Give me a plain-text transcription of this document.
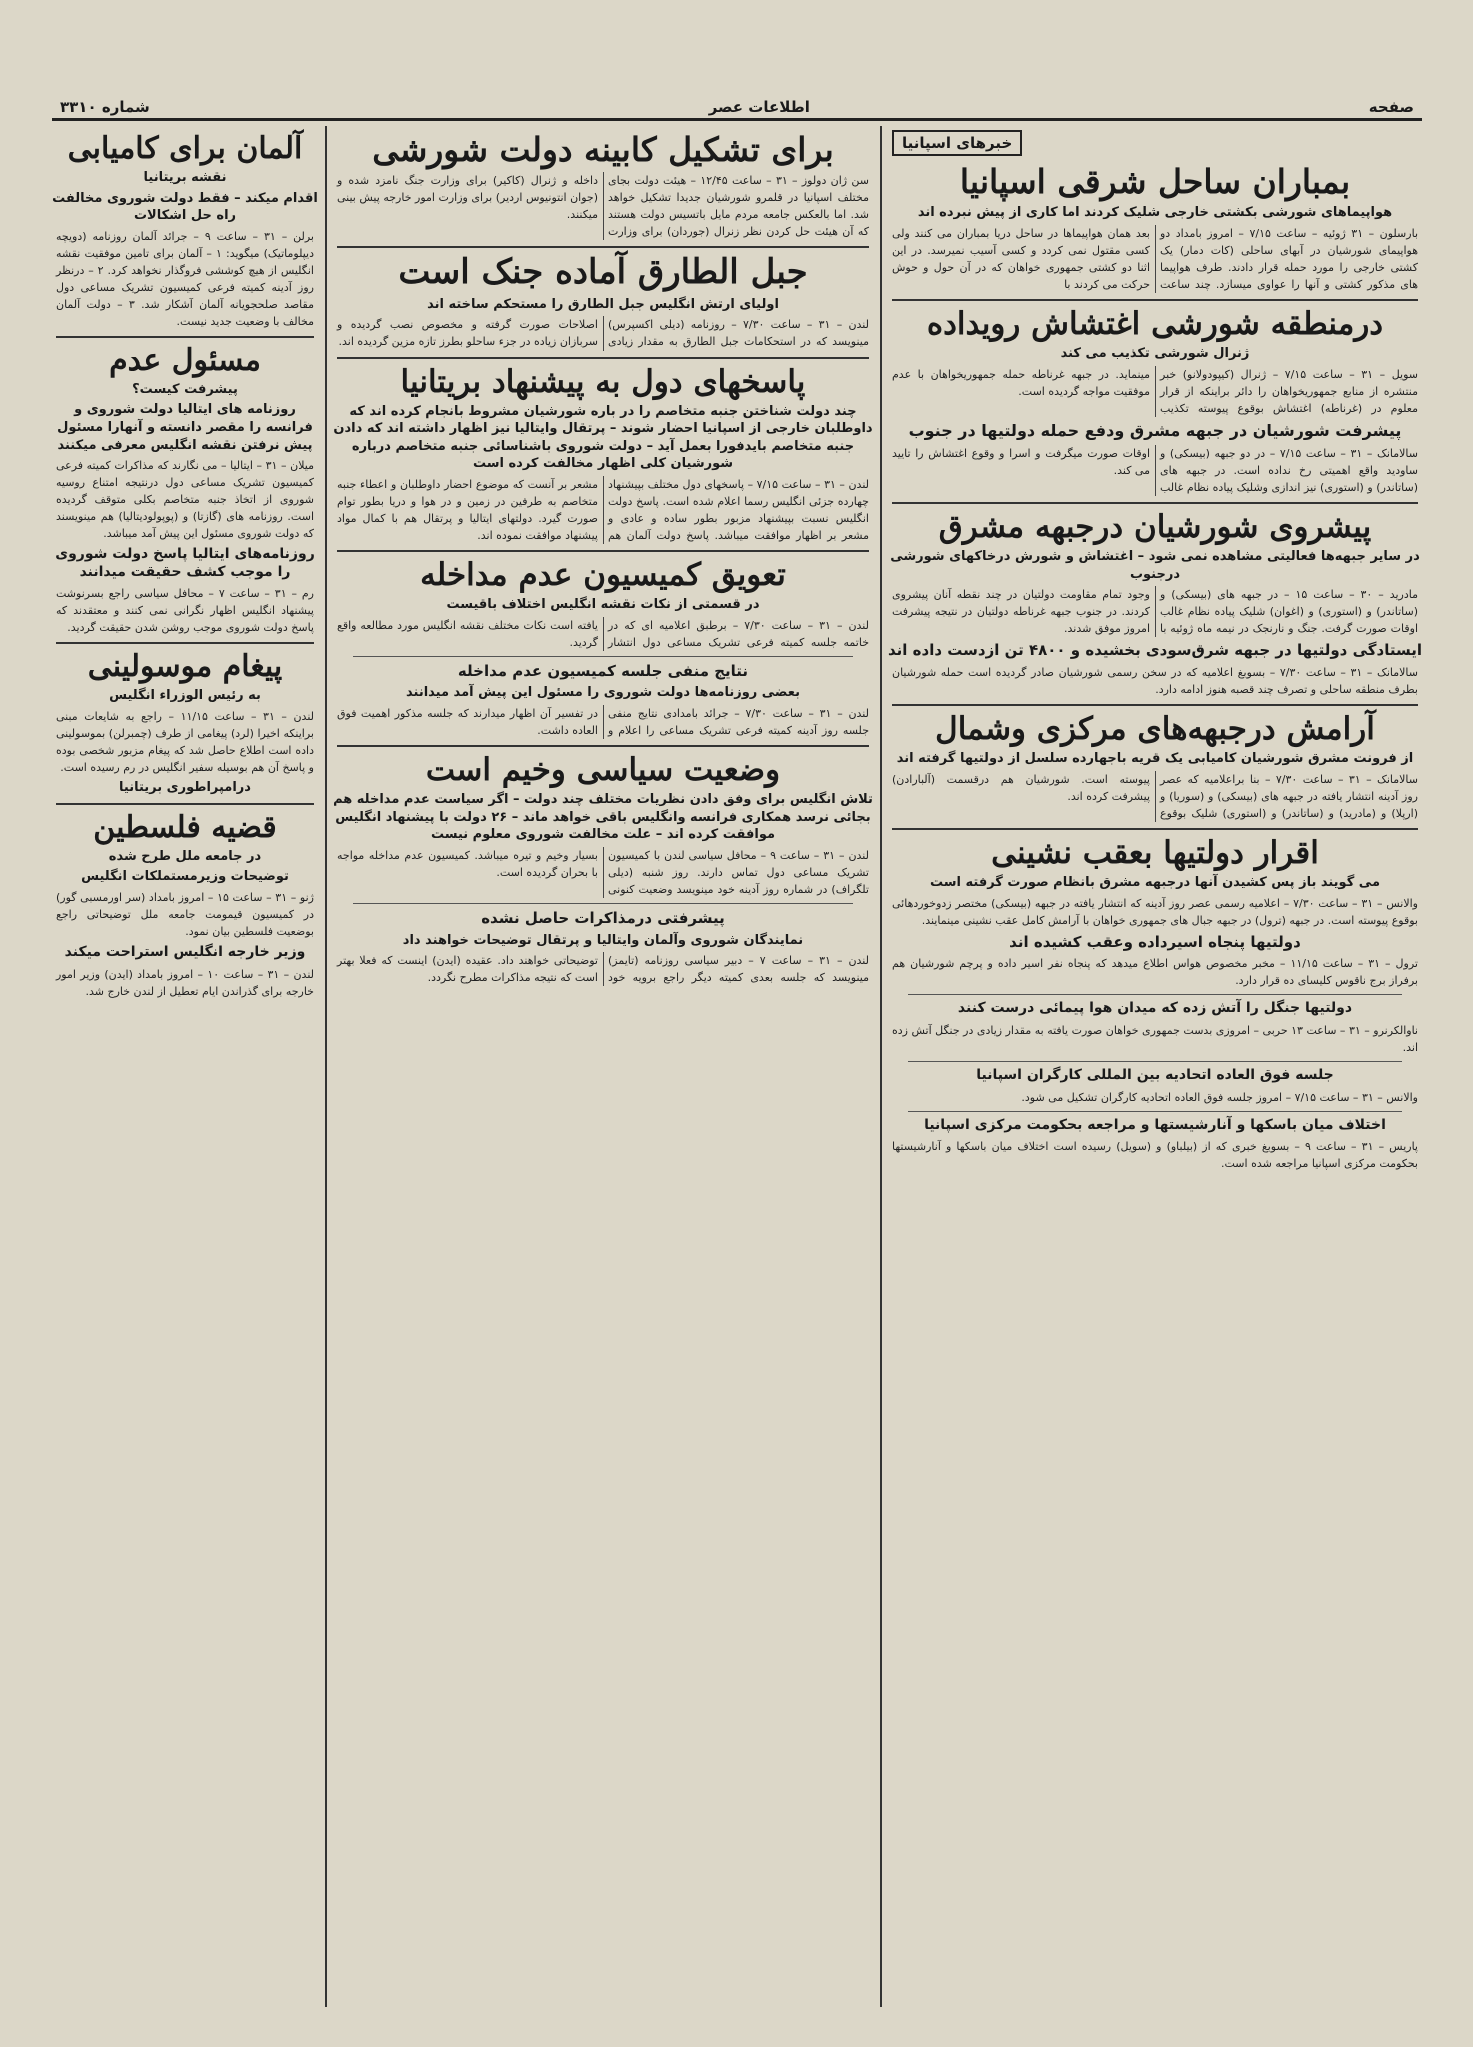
صفحه
اطلاعات عصر
شماره ۳۳۱۰
خبرهای اسپانیا
بمباران ساحل شرقی اسپانیا
هواپیماهای شورشی بکشتی خارجی شلیک کردند اما کاری از پیش نبرده اند
بارسلون – ۳۱ ژوئیه – ساعت ۷/۱۵ – امروز بامداد دو هواپیمای شورشیان در آبهای ساحلی (کات دمار) یک کشتی خارجی را مورد حمله قرار دادند. طرف هواپیما های مذکور کشتی و آنها را عواوی میسازد. چند ساعت بعد همان هواپیماها در ساحل دریا بمباران می کنند ولی کسی مقتول نمی کردد و کسی آسیب نمیرسد. در این اثنا دو کشتی جمهوری خواهان که در آن حول و حوش حرکت می کردند با
درمنطقه شورشی اغتشاش رویداده
ژنرال شورشی تکذیب می کند
سویل – ۳۱ – ساعت ۷/۱۵ – ژنرال (کیپودولانو) خبر منتشره از منابع جمهوریخواهان را دائر براینکه از قرار معلوم در (غرناطه) اغتشاش بوقوع پیوسته تکذیب مینماید. در جبهه غرناطه حمله جمهوریخواهان با عدم موفقیت مواجه گردیده است.
پیشرفت شورشیان در جبهه مشرق ودفع حمله دولتیها در جنوب
سالامانک – ۳۱ – ساعت ۷/۱۵ – در دو جبهه (بیسکی) و ساودید واقع اهمیتی رخ نداده است. در جبهه های (ساتاندر) و (استوری) نیز اندازی وشلیک پیاده نظام غالب اوقات صورت میگرفت و اسرا و وقوع اغتشاش را تایید می کند.
پیشروی شورشیان درجبهه مشرق
در سایر جبهه‌ها فعالیتی مشاهده نمی شود – اغتشاش و شورش درخاکهای شورشی درجنوب
مادرید – ۳۰ – ساعت ۱۵ – در جبهه های (بیسکی) و (ساتاندر) و (استوری) و (اغوان) شلیک پیاده نظام غالب اوقات صورت گرفت. جنگ و نارنجک در نیمه ماه ژوئیه با وجود تمام مقاومت دولتیان در چند نقطه آنان پیشروی کردند. در جنوب جبهه غرناطه دولتیان در نتیجه پیشرفت امروز موفق شدند.
ایستادگی دولتیها در جبهه شرق‌سودی بخشیده و ۴۸۰۰ تن ازدست داده اند
سالامانک – ۳۱ – ساعت ۷/۳۰ – بسوبغ اعلامیه که در سخن رسمی شورشیان صادر گردیده است حمله شورشیان بطرف منطقه ساحلی و تصرف چند قصبه هنوز ادامه دارد.
آرامش درجبهه‌های مرکزی وشمال
از فرونت مشرق شورشیان کامیابی‌ یک قریه باجهارده سلسل از دولتیها گرفته اند
سالامانک – ۳۱ – ساعت ۷/۳۰ – بنا براعلامیه که عصر روز آدینه انتشار یافته در جبهه های (بیسکی) و (سوریا) و (ارپلا) و (مادرید) و (ساتاندر) و (استوری) شلیک بوقوع پیوسته است. شورشیان هم درقسمت (آلبارادن) پیشرفت کرده اند.
اقرار دولتیها بعقب نشینی
می گویند باز پس کشیدن آنها درجبهه مشرق بانظام صورت گرفته است
والانس – ۳۱ – ساعت ۷/۳۰ – اعلامیه رسمی عصر روز آدینه که انتشار یافته در جبهه (بیسکی) مختصر زدوخوردهائی بوقوع پیوسته است. در جبهه (ترول) در جبهه جبال های جمهوری خواهان با آرامش کامل عقب نشینی مینمایند.
دولتیها پنجاه اسیرداده وعقب کشیده اند
ترول – ۳۱ – ساعت ۱۱/۱۵ – مخبر مخصوص هواس اطلاع میدهد که پنجاه نفر اسیر داده و پرچم شورشیان هم برفراز برج ناقوس کلیسای ده قرار دارد.
دولتیها جنگل را آتش زده که میدان هوا پیمائی درست کنند
ناوالکرنرو – ۳۱ – ساعت ۱۳ حربی – امروزی بدست جمهوری خواهان صورت یافته به مقدار زیادی در جنگل آتش زده اند.
جلسه فوق العاده اتحادیه بین المللی کارگران اسپانیا
والانس – ۳۱ – ساعت ۷/۱۵ – امروز جلسه فوق العاده اتحادیه کارگران تشکیل می شود.
اختلاف میان باسکها و آنارشیستها و مراجعه بحکومت مرکزی اسپانیا
پاریس – ۳۱ – ساعت ۹ – بسوبغ خبری که از (بیلباو) و (سویل) رسیده است اختلاف میان باسکها و آنارشیستها بحکومت مرکزی اسپانیا مراجعه شده است.
برای تشکیل کابینه دولت شورشی
سن ژان دولوز – ۳۱ – ساعت ۱۲/۴۵ – هیئت دولت بجای مختلف اسپانیا در قلمرو شورشیان جدیدا تشکیل خواهد شد. اما بالعکس جامعه مردم مایل باتسیس دولت هستند که آن هیئت حل کردن نظر زنرال (جوردان) برای وزارت داخله و ژنرال (کاکیر) برای وزارت جنگ نامزد شده و (جوان انتونیوس اردیر) برای وزارت امور خارجه پیش بینی میکنند.
جبل الطارق آماده جنک است
اولیای ارتش انگلیس جبل الطارق را مستحکم ساخته اند
لندن – ۳۱ – ساعت ۷/۳۰ – روزنامه (دیلی اکسپرس) مینویسد که در استحکامات جبل الطارق به مقدار زیادی اصلاحات صورت گرفته و مخصوص نصب گردیده و سربازان زیاده در جزء ساحلو بطرز تازه مزین گردیده اند.
پاسخهای دول به پیشنهاد بریتانیا
چند دولت شناختن جنبه متخاصم را در باره شورشیان مشروط بانجام کرده اند که داوطلبان خارجی از اسپانیا احضار شوند – پرتقال وایتالیا نیز اظهار داشته اند که دادن جنبه متخاصم بایدفورا بعمل آید – دولت شوروی باشناسائی جنبه متخاصم درباره شورشیان کلی اظهار مخالفت کرده است
لندن – ۳۱ – ساعت ۷/۱۵ – پاسخهای دول مختلف بپیشنهاد چهارده جزئی انگلیس رسما اعلام شده است. پاسخ دولت انگلیس نسبت بپیشنهاد مزبور بطور ساده و عادی و مشعر بر اظهار موافقت میباشد. پاسخ دولت آلمان هم مشعر بر آنست که موضوع احضار داوطلبان و اعطاء جنبه متخاصم به طرفین در زمین و در هوا و دریا بطور توام صورت گیرد. دولتهای ایتالیا و پرتقال هم با کمال مواد پیشنهاد موافقت نموده اند.
تعویق کمیسیون عدم مداخله
در قسمتی از نکات نقشه انگلیس اختلاف باقیست
لندن – ۳۱ – ساعت ۷/۳۰ – برطبق اعلامیه ای که در خاتمه جلسه کمیته فرعی تشریک مساعی دول انتشار یافته است نکات مختلف نقشه انگلیس مورد مطالعه واقع گردید.
نتایج منفی جلسه کمیسیون عدم مداخله
بعضی روزنامه‌ها دولت شوروی را مسئول این پیش آمد میدانند
لندن – ۳۱ – ساعت ۷/۳۰ – جرائد بامدادی نتایج منفی جلسه روز آدینه کمیته فرعی تشریک مساعی را اعلام و در تفسیر آن اظهار میدارند که جلسه مذکور اهمیت فوق العاده داشت.
وضعیت سیاسی وخیم است
تلاش انگلیس برای وفق دادن نظریات مختلف چند دولت – اگر سیاست عدم مداخله هم بجائی نرسد همکاری فرانسه وانگلیس باقی خواهد ماند – ۲۶ دولت با پیشنهاد انگلیس موافقت کرده اند – علت مخالفت شوروی معلوم نیست
لندن – ۳۱ – ساعت ۹ – محافل سیاسی لندن با کمیسیون تشریک مساعی دول تماس دارند. روز شنبه (دیلی تلگراف) در شماره روز آدینه خود مینویسد وضعیت کنونی بسیار وخیم و تیره میباشد. کمیسیون عدم مداخله مواجه با بحران گردیده است.
پیشرفتی درمذاکرات حاصل نشده
نمایندگان شوروی وآلمان وایتالیا و پرتقال توضیحات خواهند داد
لندن – ۳۱ – ساعت ۷ – دبیر سیاسی روزنامه (تایمز) مینویسد که جلسه بعدی کمیته دیگر راجع برویه خود توضیحاتی خواهند داد. عقیده (ایدن) اینست که فعلا بهتر است که نتیجه مذاکرات مطرح نگردد.
آلمان برای کامیابی
نقشه بریتانیا
اقدام میکند – فقط دولت شوروی مخالفت راه حل اشکالات
برلن – ۳۱ – ساعت ۹ – جرائد آلمان روزنامه (دویچه دیپلوماتیک) میگوید: ۱ – آلمان برای تامین موفقیت نقشه انگلیس از هیچ کوششی فروگذار نخواهد کرد. ۲ – درنظر روز آدینه کمیته فرعی کمیسیون تشریک مساعی دول مقاصد صلحجویانه آلمان آشکار شد. ۳ – دولت آلمان مخالف با وضعیت جدید نیست.
مسئول عدم
پیشرفت کیست؟
روزنامه های ایتالیا دولت شوروی و فرانسه را مقصر دانسته و آنهارا مسئول پیش نرفتن نقشه انگلیس معرفی میکنند
میلان – ۳۱ – ایتالیا – می نگارند که مذاکرات کمیته فرعی کمیسیون تشریک مساعی دول درنتیجه امتناع روسیه شوروی از اتخاذ جنبه متخاصم بکلی متوقف گردیده است. روزنامه های (گازتا) و (پوپولودیتالیا) هم مینویسند که دولت شوروی مسئول این پیش آمد میباشد.
روزنامه‌های ایتالیا پاسخ دولت شوروی را موجب کشف حقیقت میدانند
رم – ۳۱ – ساعت ۷ – محافل سیاسی راجع بسرنوشت پیشنهاد انگلیس اظهار نگرانی نمی کنند و معتقدند که پاسخ دولت شوروی موجب روشن شدن حقیقت گردید.
پیغام موسولینی
به رئیس الوزراء انگلیس
لندن – ۳۱ – ساعت ۱۱/۱۵ – راجع به شایعات مبنی براینکه اخیرا (لرد) پیغامی از طرف (چمبرلن) بموسولینی داده است اطلاع حاصل شد که پیغام مزبور شخصی بوده و پاسخ آن هم بوسیله سفیر انگلیس در رم رسیده است.
درامپراطوری بریتانیا
قضیه فلسطین
در جامعه ملل طرح شده
توضیحات وزیرمستملکات انگلیس
ژنو – ۳۱ – ساعت ۱۵ – امروز بامداد (سر اورمسبی گور) در کمیسیون قیمومت جامعه ملل توضیحاتی راجع بوضعیت فلسطین بیان نمود.
وزیر خارجه انگلیس استراحت میکند
لندن – ۳۱ – ساعت ۱۰ – امروز بامداد (ایدن) وزیر امور خارجه برای گذراندن ایام تعطیل از لندن خارج شد.
